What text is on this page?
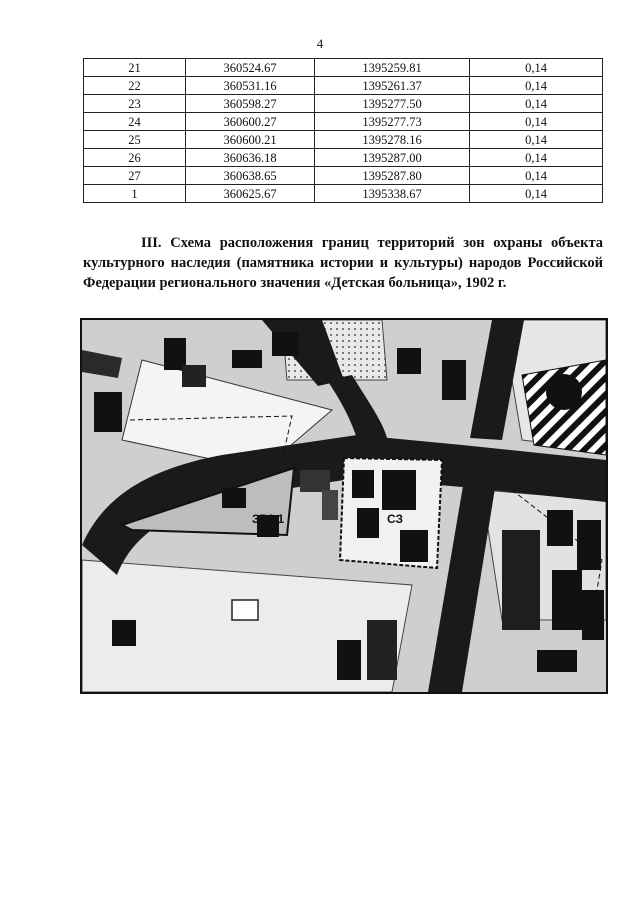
4
21	360524.67	1395259.81	0,14
22	360531.16	1395261.37	0,14
23	360598.27	1395277.50	0,14
24	360600.27	1395277.73	0,14
25	360600.21	1395278.16	0,14
26	360636.18	1395287.00	0,14
27	360638.65	1395287.80	0,14
1	360625.67	1395338.67	0,14
III. Схема расположения границ территорий зон охраны объекта культурного наследия (памятника истории и культуры) народов Российской Федерации регионального значения «Детская больница», 1902 г.
ЗР2.1	СЗ
